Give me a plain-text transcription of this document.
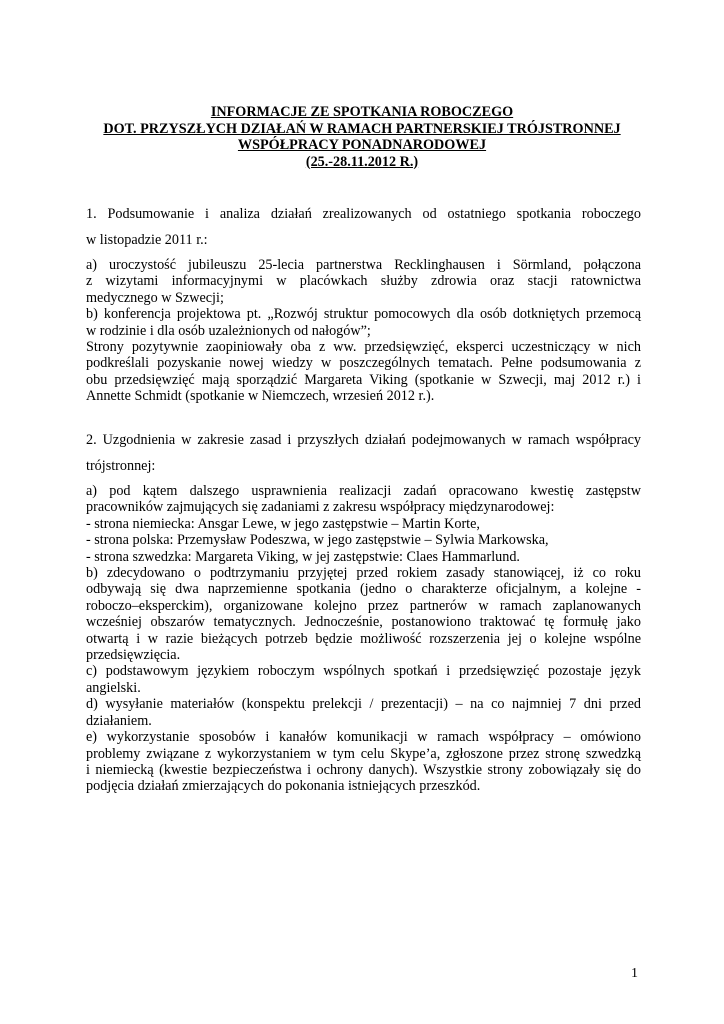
INFORMACJE ZE SPOTKANIA ROBOCZEGO
DOT. PRZYSZŁYCH DZIAŁAŃ W RAMACH PARTNERSKIEJ TRÓJSTRONNEJ
WSPÓŁPRACY PONADNARODOWEJ
(25.-28.11.2012 R.)
1. Podsumowanie i analiza działań zrealizowanych od ostatniego spotkania roboczego
w listopadzie 2011 r.:
a) uroczystość jubileuszu 25-lecia partnerstwa Recklinghausen i Sörmland, połączona
z wizytami informacyjnymi w placówkach służby zdrowia oraz stacji ratownictwa
medycznego w Szwecji;
b) konferencja projektowa pt. „Rozwój struktur pomocowych dla osób dotkniętych przemocą
w rodzinie i dla osób uzależnionych od nałogów”;
Strony pozytywnie zaopiniowały oba z ww. przedsięwzięć, eksperci uczestniczący w nich
podkreślali pozyskanie nowej wiedzy w poszczególnych tematach. Pełne podsumowania z
obu przedsięwzięć mają sporządzić Margareta Viking (spotkanie w Szwecji, maj 2012 r.) i
Annette Schmidt (spotkanie w Niemczech, wrzesień 2012 r.).
2. Uzgodnienia w zakresie zasad i przyszłych działań podejmowanych w ramach współpracy
trójstronnej:
a) pod kątem dalszego usprawnienia realizacji zadań opracowano kwestię zastępstw
pracowników zajmujących się zadaniami z zakresu współpracy międzynarodowej:
- strona niemiecka: Ansgar Lewe, w jego zastępstwie – Martin Korte,
- strona polska: Przemysław Podeszwa, w jego zastępstwie – Sylwia Markowska,
- strona szwedzka: Margareta Viking, w jej zastępstwie: Claes Hammarlund.
b) zdecydowano o podtrzymaniu przyjętej przed rokiem zasady stanowiącej, iż co roku
odbywają się dwa naprzemienne spotkania (jedno o charakterze oficjalnym, a kolejne -
roboczo–eksperckim), organizowane kolejno przez partnerów w ramach zaplanowanych
wcześniej obszarów tematycznych. Jednocześnie, postanowiono traktować tę formułę jako
otwartą i w razie bieżących potrzeb będzie możliwość rozszerzenia jej o kolejne wspólne
przedsięwzięcia.
c) podstawowym językiem roboczym wspólnych spotkań i przedsięwzięć pozostaje język
angielski.
d) wysyłanie materiałów (konspektu prelekcji / prezentacji) – na co najmniej 7 dni przed
działaniem.
e) wykorzystanie sposobów i kanałów komunikacji w ramach współpracy – omówiono
problemy związane z wykorzystaniem w tym celu Skype’a, zgłoszone przez stronę szwedzką
i niemiecką (kwestie bezpieczeństwa i ochrony danych). Wszystkie strony zobowiązały się do
podjęcia działań zmierzających do pokonania istniejących przeszkód.
1
